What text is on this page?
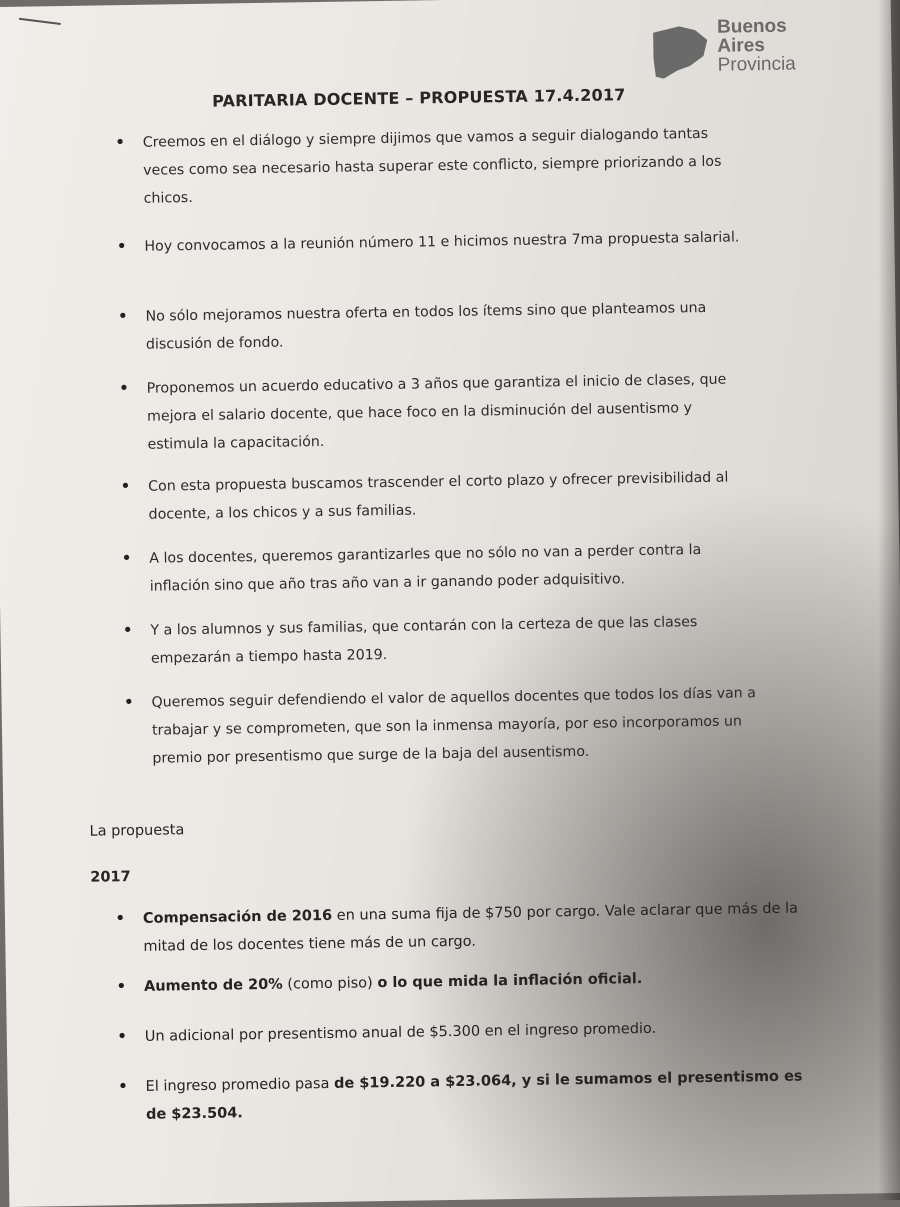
Buenos
Aires
Provincia
PARITARIA DOCENTE – PROPUESTA 17.4.2017
• Creemos en el diálogo y siempre dijimos que vamos a seguir dialogando tantas veces como sea necesario hasta superar este conflicto, siempre priorizando a los chicos.
• Hoy convocamos a la reunión número 11 e hicimos nuestra 7ma propuesta salarial.
• No sólo mejoramos nuestra oferta en todos los ítems sino que planteamos una discusión de fondo.
• Proponemos un acuerdo educativo a 3 años que garantiza el inicio de clases, que mejora el salario docente, que hace foco en la disminución del ausentismo y estimula la capacitación.
• Con esta propuesta buscamos trascender el corto plazo y ofrecer previsibilidad al docente, a los chicos y a sus familias.
• A los docentes, queremos garantizarles que no sólo no van a perder contra la inflación sino que año tras año van a ir ganando poder adquisitivo.
• Y a los alumnos y sus familias, que contarán con la certeza de que las clases empezarán a tiempo hasta 2019.
• Queremos seguir defendiendo el valor de aquellos docentes que todos los días van a trabajar y se comprometen, que son la inmensa mayoría, por eso incorporamos un premio por presentismo que surge de la baja del ausentismo.
La propuesta
2017
• Compensación de 2016 en una suma fija de $750 por cargo. Vale aclarar que más de la mitad de los docentes tiene más de un cargo.
• Aumento de 20% (como piso) o lo que mida la inflación oficial.
• Un adicional por presentismo anual de $5.300 en el ingreso promedio.
• El ingreso promedio pasa de $19.220 a $23.064, y si le sumamos el presentismo es de $23.504.
